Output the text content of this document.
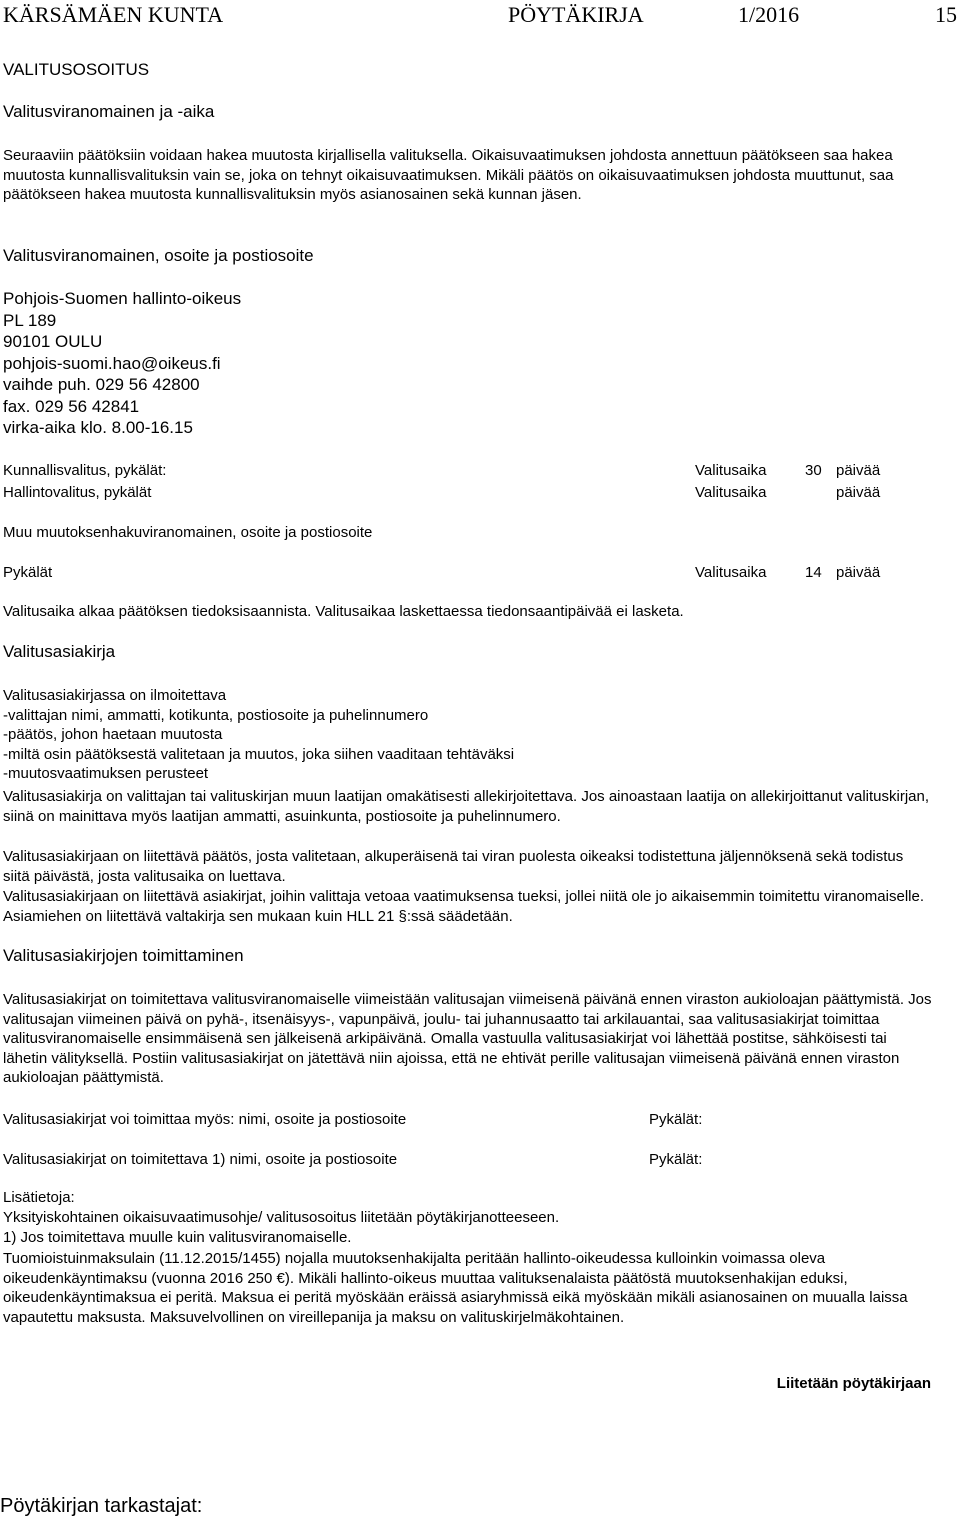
KÄRSÄMÄEN KUNTA	PÖYTÄKIRJA	1/2016	15
VALITUSOSOITUS
Valitusviranomainen ja -aika
Seuraaviin päätöksiin voidaan hakea muutosta kirjallisella valituksella. Oikaisuvaatimuksen johdosta annettuun päätökseen saa hakea muutosta kunnallisvalituksin vain se, joka on tehnyt oikaisuvaatimuksen. Mikäli päätös on oikaisuvaatimuksen johdosta muuttunut, saa päätökseen hakea muutosta kunnallisvalituksin myös asianosainen sekä kunnan jäsen.
Valitusviranomainen, osoite ja postiosoite
Pohjois-Suomen hallinto-oikeus
PL 189
90101 OULU
pohjois-suomi.hao@oikeus.fi
vaihde puh. 029 56 42800
fax. 029 56 42841
virka-aika klo. 8.00-16.15
Kunnallisvalitus, pykälät:	Valitusaika	30 päivää
Hallintovalitus, pykälät	Valitusaika	päivää
Muu muutoksenhakuviranomainen, osoite ja postiosoite
Pykälät	Valitusaika	14 päivää
Valitusaika alkaa päätöksen tiedoksisaannista. Valitusaikaa laskettaessa tiedonsaantipäivää ei lasketa.
Valitusasiakirja
Valitusasiakirjassa on ilmoitettava
-valittajan nimi, ammatti, kotikunta, postiosoite ja puhelinnumero
-päätös, johon haetaan muutosta
-miltä osin päätöksestä valitetaan ja muutos, joka siihen vaaditaan tehtäväksi
-muutosvaatimuksen perusteet
Valitusasiakirja on valittajan tai valituskirjan muun laatijan omakätisesti allekirjoitettava. Jos ainoastaan laatija on allekirjoittanut valituskirjan, siinä on mainittava myös laatijan ammatti, asuinkunta, postiosoite ja puhelinnumero.
Valitusasiakirjaan on liitettävä päätös, josta valitetaan, alkuperäisenä tai viran puolesta oikeaksi todistettuna jäljennöksenä sekä todistus siitä päivästä, josta valitusaika on luettava.
Valitusasiakirjaan on liitettävä asiakirjat, joihin valittaja vetoaa vaatimuksensa tueksi, jollei niitä ole jo aikaisemmin toimitettu viranomaiselle. Asiamiehen on liitettävä valtakirja sen mukaan kuin HLL 21 §:ssä säädetään.
Valitusasiakirjojen toimittaminen
Valitusasiakirjat on toimitettava valitusviranomaiselle viimeistään valitusajan viimeisenä päivänä ennen viraston aukioloajan päättymistä. Jos valitusajan viimeinen päivä on pyhä-, itsenäisyys-, vapunpäivä, joulu- tai juhannusaatto tai arkilauantai, saa valitusasiakirjat toimittaa valitusviranomaiselle ensimmäisenä sen jälkeisenä arkipäivänä. Omalla vastuulla valitusasiakirjat voi lähettää postitse, sähköisesti tai lähetin välityksellä. Postiin valitusasiakirjat on jätettävä niin ajoissa, että ne ehtivät perille valitusajan viimeisenä päivänä ennen viraston aukioloajan päättymistä.
Valitusasiakirjat voi toimittaa myös: nimi, osoite ja postiosoite	Pykälät:
Valitusasiakirjat on toimitettava 1) nimi, osoite ja postiosoite	Pykälät:
Lisätietoja:
Yksityiskohtainen oikaisuvaatimusohje/ valitusosoitus liitetään pöytäkirjanotteeseen.
1) Jos toimitettava muulle kuin valitusviranomaiselle.
Tuomioistuinmaksulain (11.12.2015/1455) nojalla muutoksenhakijalta peritään hallinto-oikeudessa kulloinkin voimassa oleva oikeudenkäyntimaksu (vuonna 2016 250 €). Mikäli hallinto-oikeus muuttaa valituksenalaista päätöstä muutoksenhakijan eduksi, oikeudenkäyntimaksua ei peritä. Maksua ei peritä myöskään eräissä asiaryhmissä eikä myöskään mikäli asianosainen on muualla laissa vapautettu maksusta. Maksuvelvollinen on vireillepanija ja maksu on valituskirjelmäkohtainen.
Liitetään pöytäkirjaan
Pöytäkirjan tarkastajat:
